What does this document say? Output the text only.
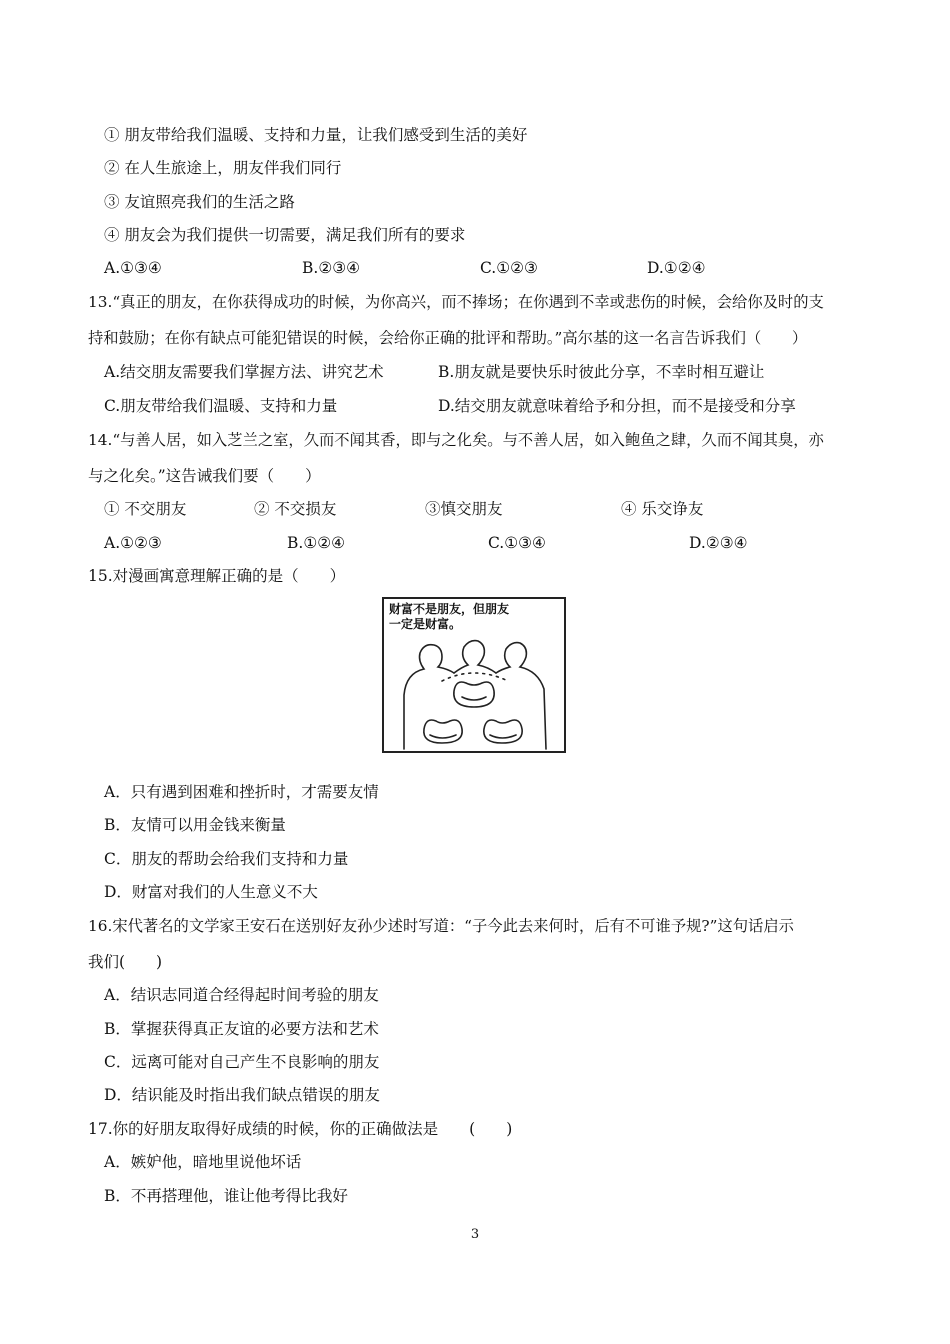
① 朋友带给我们温暖、支持和力量，让我们感受到生活的美好
② 在人生旅途上，朋友伴我们同行
③ 友谊照亮我们的生活之路
④ 朋友会为我们提供一切需要，满足我们所有的要求
A.①③④	B.②③④	C.①②③	D.①②④
13.“真正的朋友，在你获得成功的时候，为你高兴，而不捧场；在你遇到不幸或悲伤的时候，会给你及时的支
持和鼓励；在你有缺点可能犯错误的时候，会给你正确的批评和帮助。”高尔基的这一名言告诉我们（　　）
A.结交朋友需要我们掌握方法、讲究艺术	B.朋友就是要快乐时彼此分享，不幸时相互避让
C.朋友带给我们温暖、支持和力量	D.结交朋友就意味着给予和分担，而不是接受和分享
14.“与善人居，如入芝兰之室，久而不闻其香，即与之化矣。与不善人居，如入鲍鱼之肆，久而不闻其臭，亦
与之化矣。”这告诫我们要（　　）
① 不交朋友	② 不交损友	③慎交朋友	④ 乐交诤友
A.①②③	B.①②④	C.①③④	D.②③④
15.对漫画寓意理解正确的是（　　）
财富不是朋友，但朋友
一定是财富。
A．只有遇到困难和挫折时，才需要友情
B．友情可以用金钱来衡量
C．朋友的帮助会给我们支持和力量
D．财富对我们的人生意义不大
16.宋代著名的文学家王安石在送别好友孙少述时写道：“子今此去来何时，后有不可谁予规?”这句话启示
我们(　　)
A．结识志同道合经得起时间考验的朋友
B．掌握获得真正友谊的必要方法和艺术
C．远离可能对自己产生不良影响的朋友
D．结识能及时指出我们缺点错误的朋友
17.你的好朋友取得好成绩的时候，你的正确做法是　　(　　)
A．嫉妒他，暗地里说他坏话
B．不再搭理他，谁让他考得比我好
3
